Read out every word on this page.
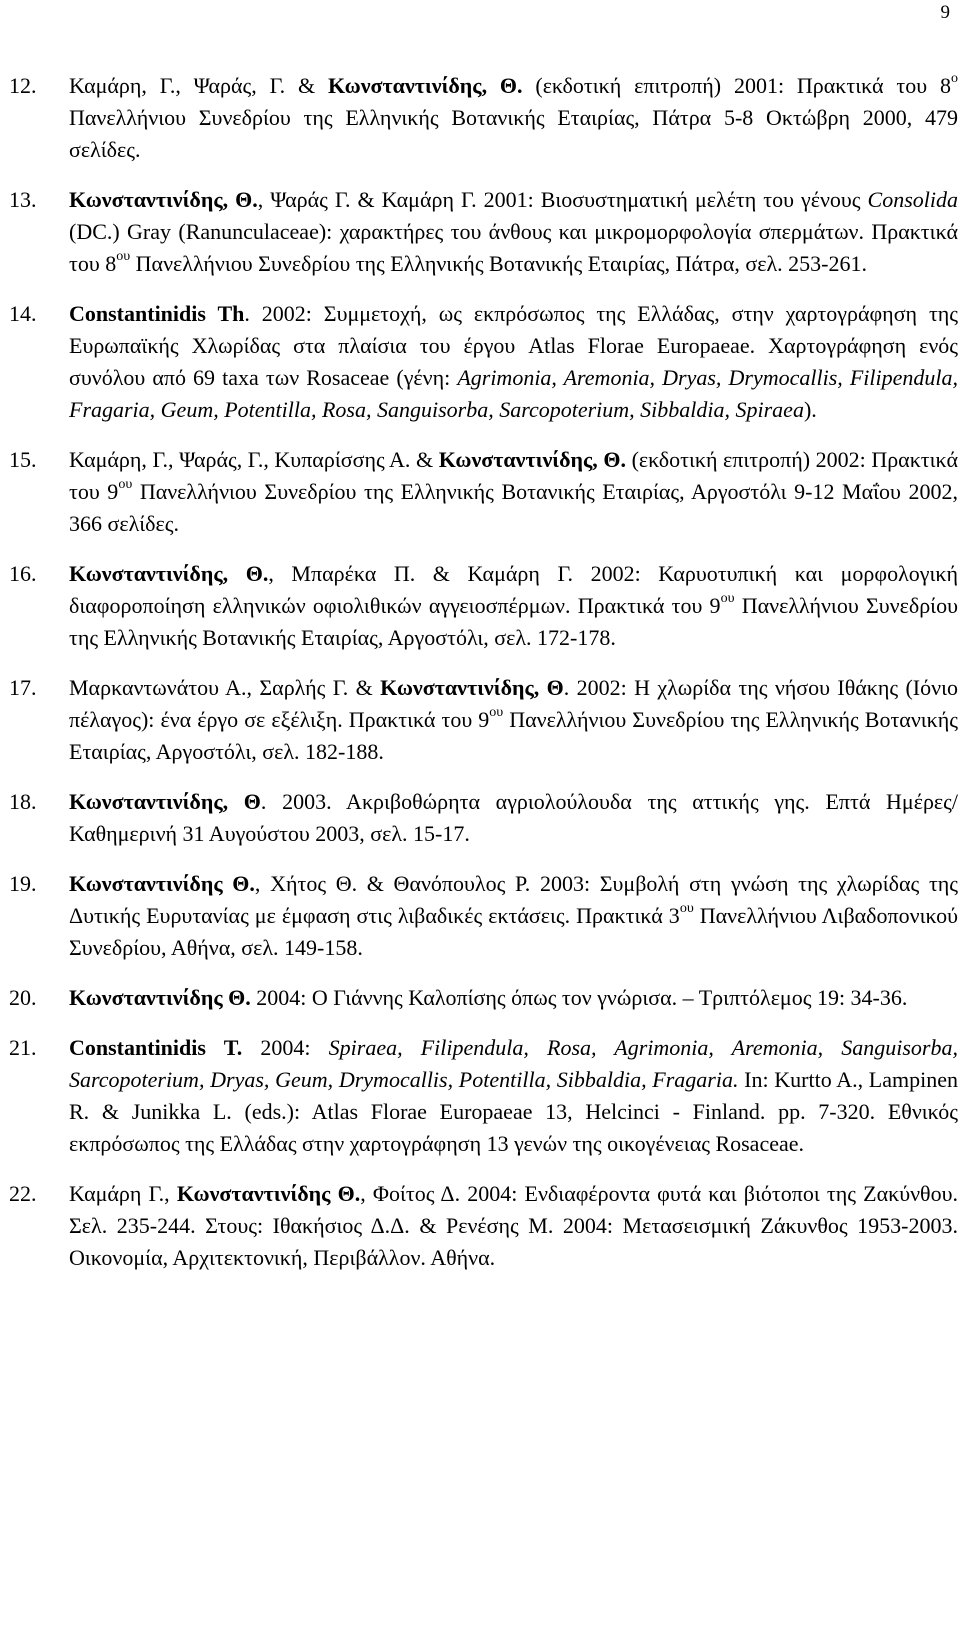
9
12.	Καμάρη, Γ., Ψαράς, Γ. & Κωνσταντινίδης, Θ. (εκδοτική επιτροπή) 2001: Πρακτικά του $8^o$ Πανελλήνιου Συνεδρίου της Ελληνικής Βοτανικής Εταιρίας, Πάτρα 5-8 Οκτώβρη 2000, 479 σελίδες.
13.	Κωνσταντινίδης, Θ., Ψαράς Γ. & Καμάρη Γ. 2001: Βιοσυστηματική μελέτη του γένους Consolida (DC.) Gray (Ranunculaceae): χαρακτήρες του άνθους και μικρομορφολογία σπερμάτων. Πρακτικά του $8^{o\upsilon}$ Πανελλήνιου Συνεδρίου της Ελληνικής Βοτανικής Εταιρίας, Πάτρα, σελ. 253-261.
14.	Constantinidis Th. 2002: Συμμετοχή, ως εκπρόσωπος της Ελλάδας, στην χαρτογράφηση της Ευρωπαϊκής Χλωρίδας στα πλαίσια του έργου Atlas Florae Europaeae. Χαρτογράφηση ενός συνόλου από 69 taxa των Rosaceae (γένη: Agrimonia, Aremonia, Dryas, Drymocallis, Filipendula, Fragaria, Geum, Potentilla, Rosa, Sanguisorba, Sarcopoterium, Sibbaldia, Spiraea).
15.	Καμάρη, Γ., Ψαράς, Γ., Κυπαρίσσης Α. & Κωνσταντινίδης, Θ. (εκδοτική επιτροπή) 2002: Πρακτικά του $9^{o\upsilon}$ Πανελλήνιου Συνεδρίου της Ελληνικής Βοτανικής Εταιρίας, Αργοστόλι 9-12 Μαΐου 2002, 366 σελίδες.
16.	Κωνσταντινίδης, Θ., Μπαρέκα Π. & Καμάρη Γ. 2002: Καρυοτυπική και μορφολογική διαφοροποίηση ελληνικών οφιολιθικών αγγειοσπέρμων. Πρακτικά του $9^{o\upsilon}$ Πανελλήνιου Συνεδρίου της Ελληνικής Βοτανικής Εταιρίας, Αργοστόλι, σελ. 172-178.
17.	Μαρκαντωνάτου Α., Σαρλής Γ. & Κωνσταντινίδης, Θ. 2002: Η χλωρίδα της νήσου Ιθάκης (Ιόνιο πέλαγος): ένα έργο σε εξέλιξη. Πρακτικά του $9^{o\upsilon}$ Πανελλήνιου Συνεδρίου της Ελληνικής Βοτανικής Εταιρίας, Αργοστόλι, σελ. 182-188.
18.	Κωνσταντινίδης, Θ. 2003. Ακριβοθώρητα αγριολούλουδα της αττικής γης. Επτά Ημέρες/Καθημερινή 31 Αυγούστου 2003, σελ. 15-17.
19.	Κωνσταντινίδης Θ., Χήτος Θ. & Θανόπουλος Ρ. 2003: Συμβολή στη γνώση της χλωρίδας της Δυτικής Ευρυτανίας με έμφαση στις λιβαδικές εκτάσεις. Πρακτικά $3^{o\upsilon}$ Πανελλήνιου Λιβαδοπονικού Συνεδρίου, Αθήνα, σελ. 149-158.
20.	Κωνσταντινίδης Θ. 2004: Ο Γιάννης Καλοπίσης όπως τον γνώρισα. – Τριπτόλεμος 19: 34-36.
21.	Constantinidis T. 2004: Spiraea, Filipendula, Rosa, Agrimonia, Aremonia, Sanguisorba, Sarcopoterium, Dryas, Geum, Drymocallis, Potentilla, Sibbaldia, Fragaria. In: Kurtto A., Lampinen R. & Junikka L. (eds.): Atlas Florae Europaeae 13, Helcinci - Finland. pp. 7-320. Εθνικός εκπρόσωπος της Ελλάδας στην χαρτογράφηση 13 γενών της οικογένειας Rosaceae.
22.	Καμάρη Γ., Κωνσταντινίδης Θ., Φοίτος Δ. 2004: Ενδιαφέροντα φυτά και βιότοποι της Ζακύνθου. Σελ. 235-244. Στους: Ιθακήσιος Δ.Δ. & Ρενέσης Μ. 2004: Μετασεισμική Ζάκυνθος 1953-2003. Οικονομία, Αρχιτεκτονική, Περιβάλλον. Αθήνα.
